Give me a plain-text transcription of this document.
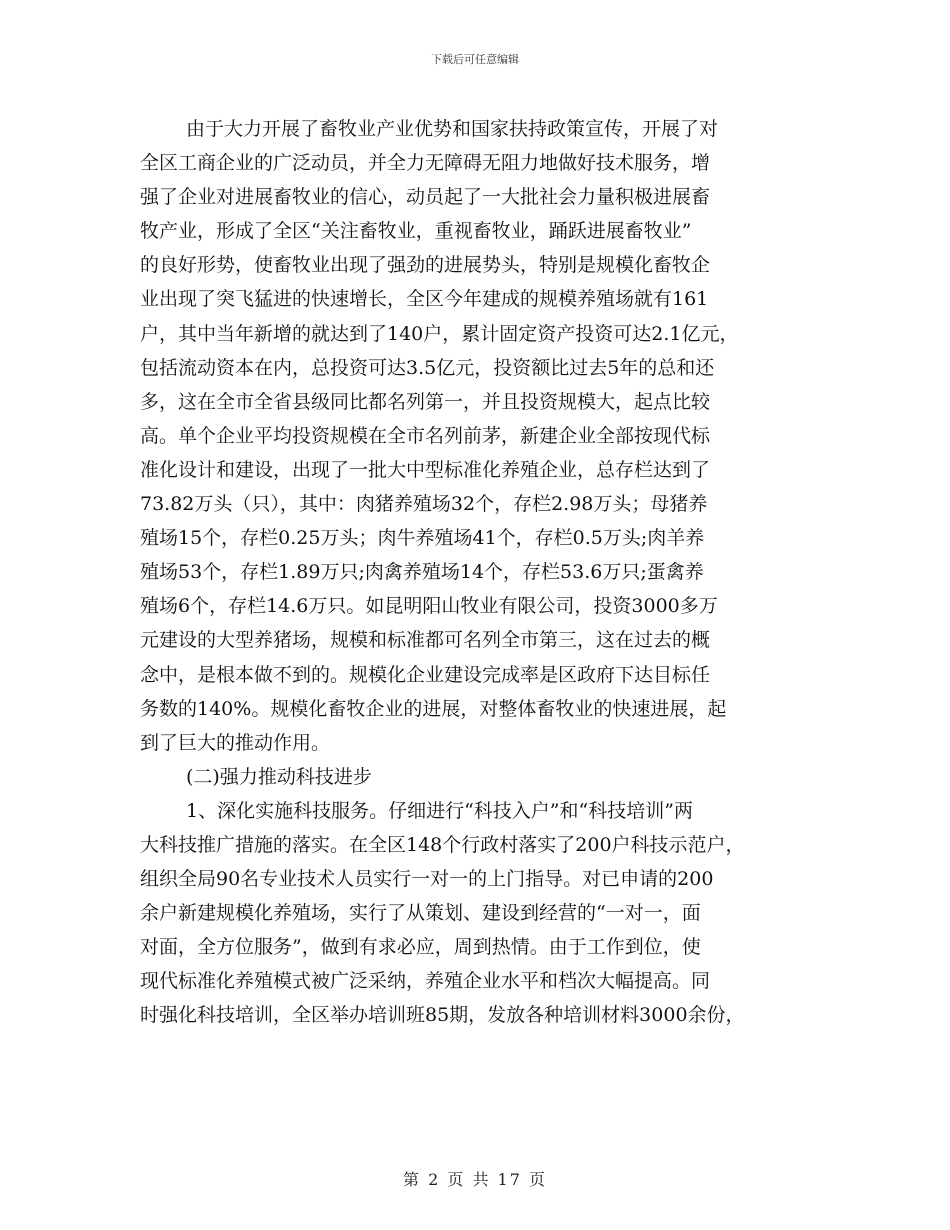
下载后可任意编辑
由于大力开展了畜牧业产业优势和国家扶持政策宣传，开展了对
全区工商企业的广泛动员，并全力无障碍无阻力地做好技术服务，增
强了企业对进展畜牧业的信心，动员起了一大批社会力量积极进展畜
牧产业，形成了全区“关注畜牧业，重视畜牧业，踊跃进展畜牧业”
的良好形势，使畜牧业出现了强劲的进展势头，特别是规模化畜牧企
业出现了突飞猛进的快速增长，全区今年建成的规模养殖场就有161
户，其中当年新增的就达到了140户，累计固定资产投资可达2.1亿元，
包括流动资本在内，总投资可达3.5亿元，投资额比过去5年的总和还
多，这在全市全省县级同比都名列第一，并且投资规模大，起点比较
高。单个企业平均投资规模在全市名列前茅，新建企业全部按现代标
准化设计和建设，出现了一批大中型标准化养殖企业，总存栏达到了
73.82万头（只），其中：肉猪养殖场32个，存栏2.98万头；母猪养
殖场15个，存栏0.25万头；肉牛养殖场41个，存栏0.5万头;肉羊养
殖场53个，存栏1.89万只;肉禽养殖场14个，存栏53.6万只;蛋禽养
殖场6个，存栏14.6万只。如昆明阳山牧业有限公司，投资3000多万
元建设的大型养猪场，规模和标准都可名列全市第三，这在过去的概
念中，是根本做不到的。规模化企业建设完成率是区政府下达目标任
务数的140%。规模化畜牧企业的进展，对整体畜牧业的快速进展，起
到了巨大的推动作用。
(二)强力推动科技进步
1、深化实施科技服务。仔细进行“科技入户”和“科技培训”两
大科技推广措施的落实。在全区148个行政村落实了200户科技示范户，
组织全局90名专业技术人员实行一对一的上门指导。对已申请的200
余户新建规模化养殖场，实行了从策划、建设到经营的“一对一，面
对面，全方位服务”，做到有求必应，周到热情。由于工作到位，使
现代标准化养殖模式被广泛采纳，养殖企业水平和档次大幅提高。同
时强化科技培训，全区举办培训班85期，发放各种培训材料3000余份，
第 2 页 共 17 页
